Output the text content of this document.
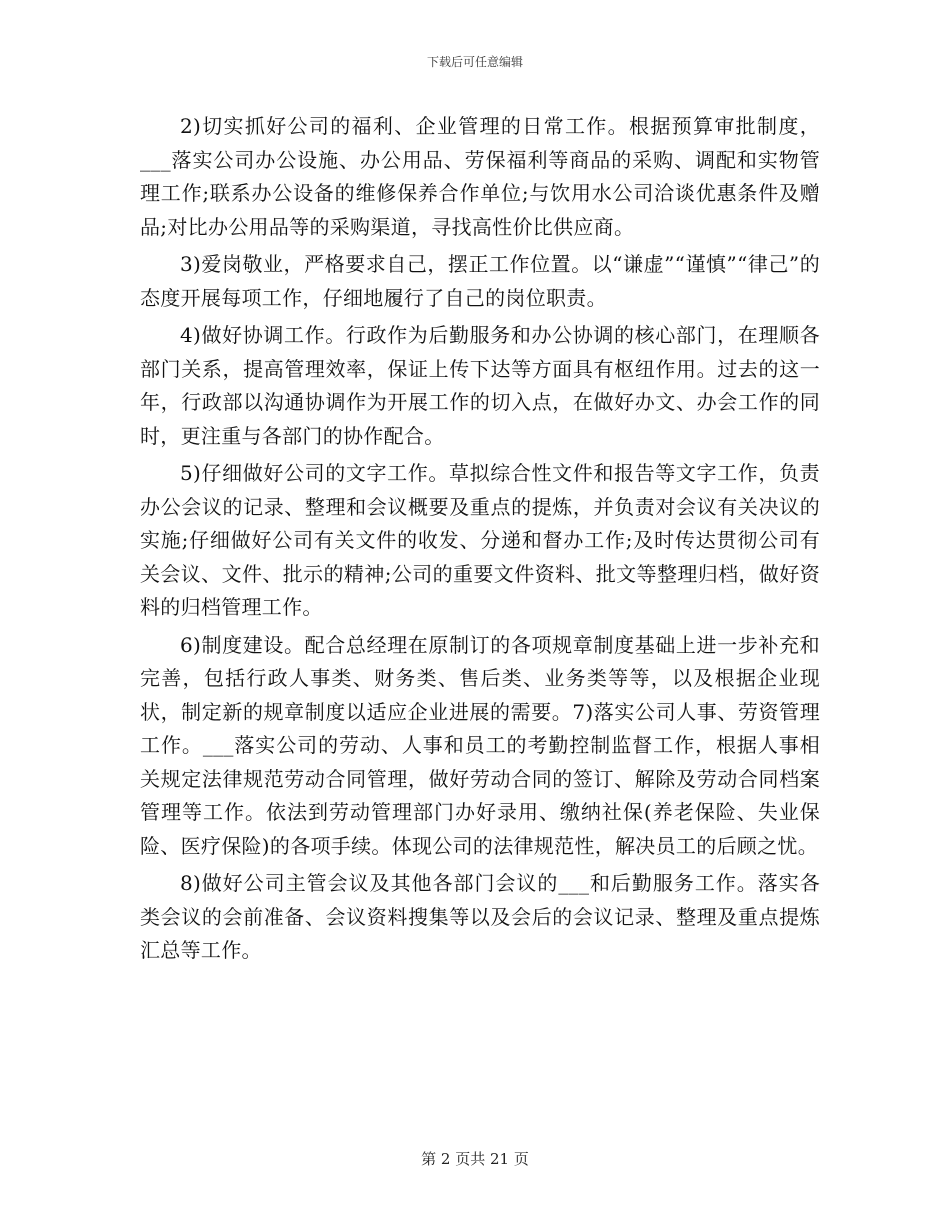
下载后可任意编辑

2)切实抓好公司的福利、企业管理的日常工作。根据预算审批制度，___落实公司办公设施、办公用品、劳保福利等商品的采购、调配和实物管理工作;联系办公设备的维修保养合作单位;与饮用水公司洽谈优惠条件及赠品;对比办公用品等的采购渠道，寻找高性价比供应商。

3)爱岗敬业，严格要求自己，摆正工作位置。以“谦虚”“谨慎”“律己”的态度开展每项工作，仔细地履行了自己的岗位职责。

4)做好协调工作。行政作为后勤服务和办公协调的核心部门，在理顺各部门关系，提高管理效率，保证上传下达等方面具有枢纽作用。过去的这一年，行政部以沟通协调作为开展工作的切入点，在做好办文、办会工作的同时，更注重与各部门的协作配合。

5)仔细做好公司的文字工作。草拟综合性文件和报告等文字工作，负责办公会议的记录、整理和会议概要及重点的提炼，并负责对会议有关决议的实施;仔细做好公司有关文件的收发、分递和督办工作;及时传达贯彻公司有关会议、文件、批示的精神;公司的重要文件资料、批文等整理归档，做好资料的归档管理工作。

6)制度建设。配合总经理在原制订的各项规章制度基础上进一步补充和完善，包括行政人事类、财务类、售后类、业务类等等，以及根据企业现状，制定新的规章制度以适应企业进展的需要。7)落实公司人事、劳资管理工作。___落实公司的劳动、人事和员工的考勤控制监督工作，根据人事相关规定法律规范劳动合同管理，做好劳动合同的签订、解除及劳动合同档案管理等工作。依法到劳动管理部门办好录用、缴纳社保(养老保险、失业保险、医疗保险)的各项手续。体现公司的法律规范性，解决员工的后顾之忧。

8)做好公司主管会议及其他各部门会议的___和后勤服务工作。落实各类会议的会前准备、会议资料搜集等以及会后的会议记录、整理及重点提炼汇总等工作。

第 2 页共 21 页
